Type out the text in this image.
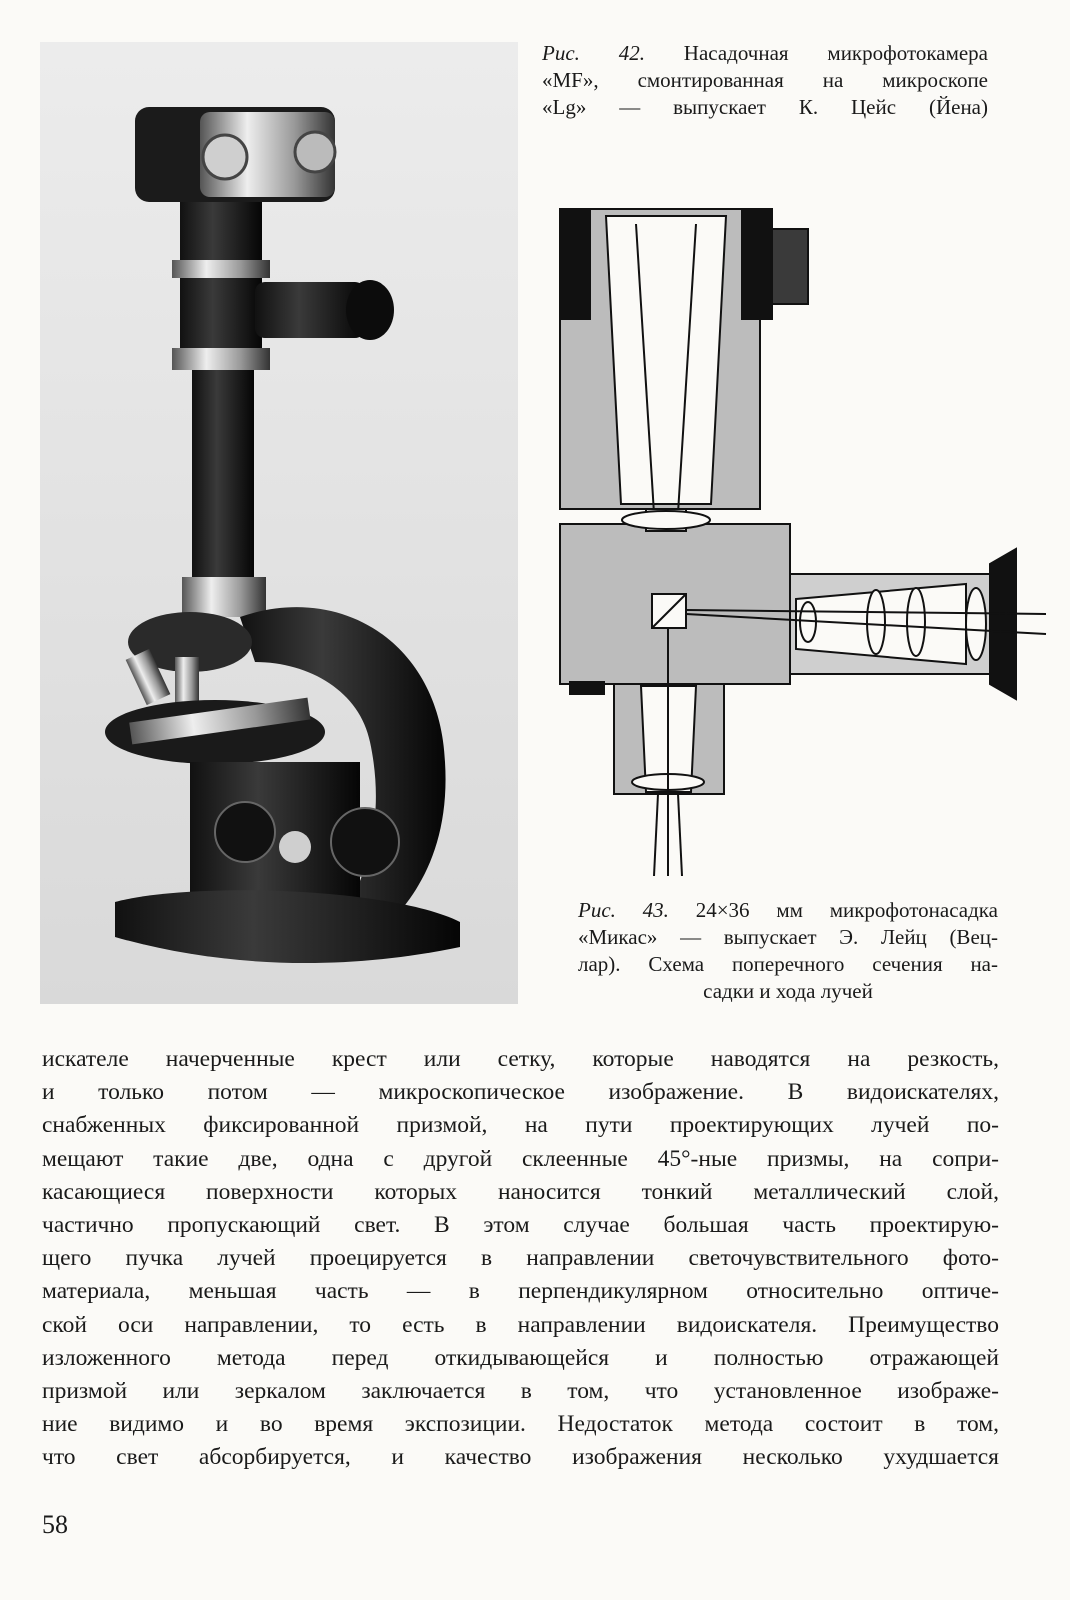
Рис. 42. Насадочная микрофотокамера
«MF», смонтированная на микроскопе
«Lg» — выпускает К. Цейс (Йена)
Рис. 43. 24×36 мм микрофотонасадка
«Микас» — выпускает Э. Лейц (Вец-
лар). Схема поперечного сечения на-
садки и хода лучей
искателе начерченные крест или сетку, которые наводятся на резкость,
и только потом — микроскопическое изображение. В видоискателях,
снабженных фиксированной призмой, на пути проектирующих лучей по-
мещают такие две, одна с другой склеенные 45°-ные призмы, на сопри-
касающиеся поверхности которых наносится тонкий металлический слой,
частично пропускающий свет. В этом случае большая часть проектирую-
щего пучка лучей проецируется в направлении светочувствительного фото-
материала, меньшая часть — в перпендикулярном относительно оптиче-
ской оси направлении, то есть в направлении видоискателя. Преимущество
изложенного метода перед откидывающейся и полностью отражающей
призмой или зеркалом заключается в том, что установленное изображе-
ние видимо и во время экспозиции. Недостаток метода состоит в том,
что свет абсорбируется, и качество изображения несколько ухудшается
58
